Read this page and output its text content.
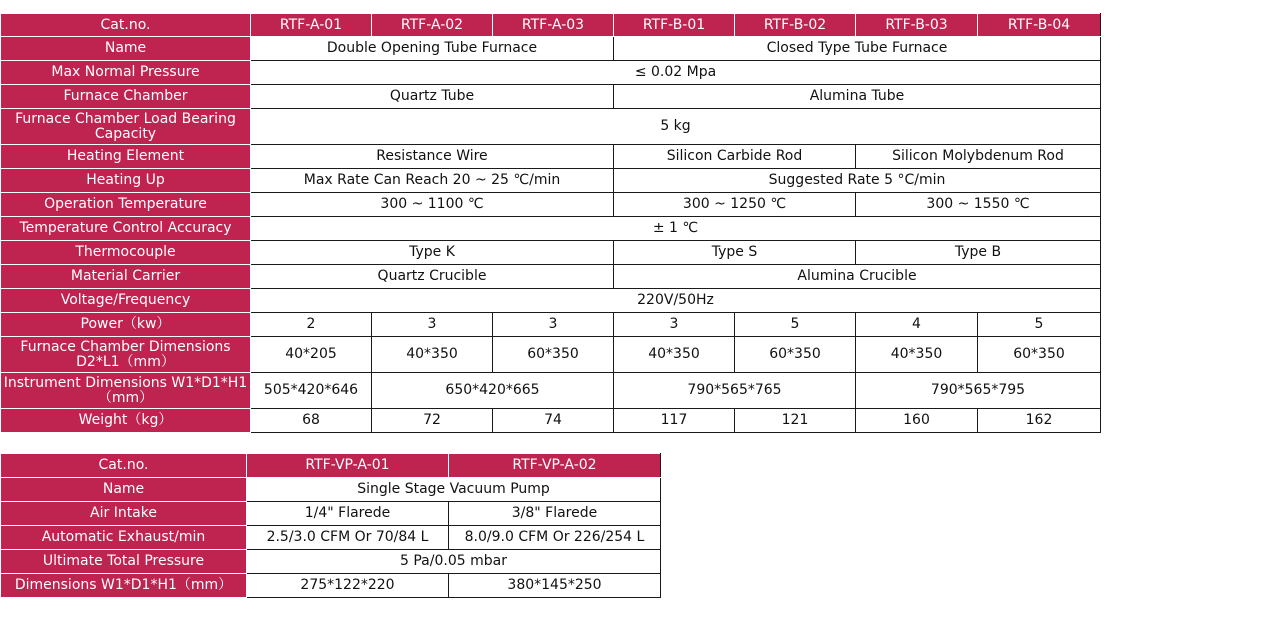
Cat.no.	RTF-A-01	RTF-A-02	RTF-A-03	RTF-B-01	RTF-B-02	RTF-B-03	RTF-B-04
Name	Double Opening Tube Furnace			Closed Type Tube Furnace			
Max Normal Pressure	≤ 0.02 Mpa						
Furnace Chamber	Quartz Tube			Alumina Tube			
Furnace Chamber Load Bearing Capacity	5 kg						
Heating Element	Resistance Wire			Silicon Carbide Rod		Silicon Molybdenum Rod	
Heating Up	Max Rate Can Reach 20 ~ 25 ℃/min			Suggested Rate 5 °C/min			
Operation Temperature	300 ~ 1100 ℃			300 ~ 1250 ℃		300 ~ 1550 ℃	
Temperature Control Accuracy	± 1 ℃						
Thermocouple	Type K			Type S		Type B	
Material Carrier	Quartz Crucible			Alumina Crucible			
Voltage/Frequency	220V/50Hz						
Power（kw）	2	3	3	3	5	4	5
Furnace Chamber Dimensions D2*L1（mm）	40*205	40*350	60*350	40*350	60*350	40*350	60*350
Instrument Dimensions W1*D1*H1（mm）	505*420*646	650*420*665		790*565*765		790*565*795	
Weight（kg）	68	72	74	117	121	160	162
Cat.no.	RTF-VP-A-01	RTF-VP-A-02
Name	Single Stage Vacuum Pump	
Air Intake	1/4" Flarede	3/8" Flarede
Automatic Exhaust/min	2.5/3.0 CFM Or 70/84 L	8.0/9.0 CFM Or 226/254 L
Ultimate Total Pressure	5 Pa/0.05 mbar	
Dimensions W1*D1*H1（mm）	275*122*220	380*145*250
